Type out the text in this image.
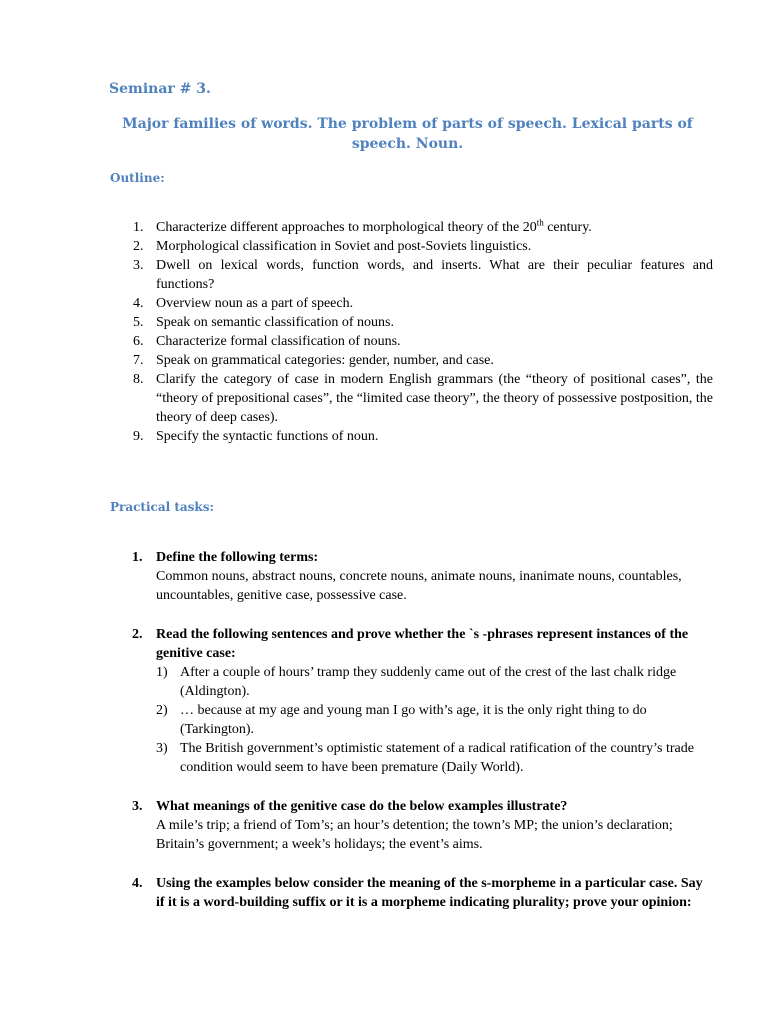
Seminar # 3.
Major families of words. The problem of parts of speech. Lexical parts of speech. Noun.
Outline:
1. Characterize different approaches to morphological theory of the 20th century.
2. Morphological classification in Soviet and post-Soviets linguistics.
3. Dwell on lexical words, function words, and inserts. What are their peculiar features and functions?
4. Overview noun as a part of speech.
5. Speak on semantic classification of nouns.
6. Characterize formal classification of nouns.
7. Speak on grammatical categories: gender, number, and case.
8. Clarify the category of case in modern English grammars (the “theory of positional cases”, the “theory of prepositional cases”, the “limited case theory”, the theory of possessive postposition, the theory of deep cases).
9. Specify the syntactic functions of noun.
Practical tasks:
1. Define the following terms:
Common nouns, abstract nouns, concrete nouns, animate nouns, inanimate nouns, countables, uncountables, genitive case, possessive case.
2. Read the following sentences and prove whether the `s -phrases represent instances of the genitive case:
1) After a couple of hours’ tramp they suddenly came out of the crest of the last chalk ridge (Aldington).
2) … because at my age and young man I go with’s age, it is the only right thing to do (Tarkington).
3) The British government’s optimistic statement of a radical ratification of the country’s trade condition would seem to have been premature (Daily World).
3. What meanings of the genitive case do the below examples illustrate?
A mile’s trip; a friend of Tom’s; an hour’s detention; the town’s MP; the union’s declaration; Britain’s government; a week’s holidays; the event’s aims.
4. Using the examples below consider the meaning of the s-morpheme in a particular case. Say if it is a word-building suffix or it is a morpheme indicating plurality; prove your opinion:
